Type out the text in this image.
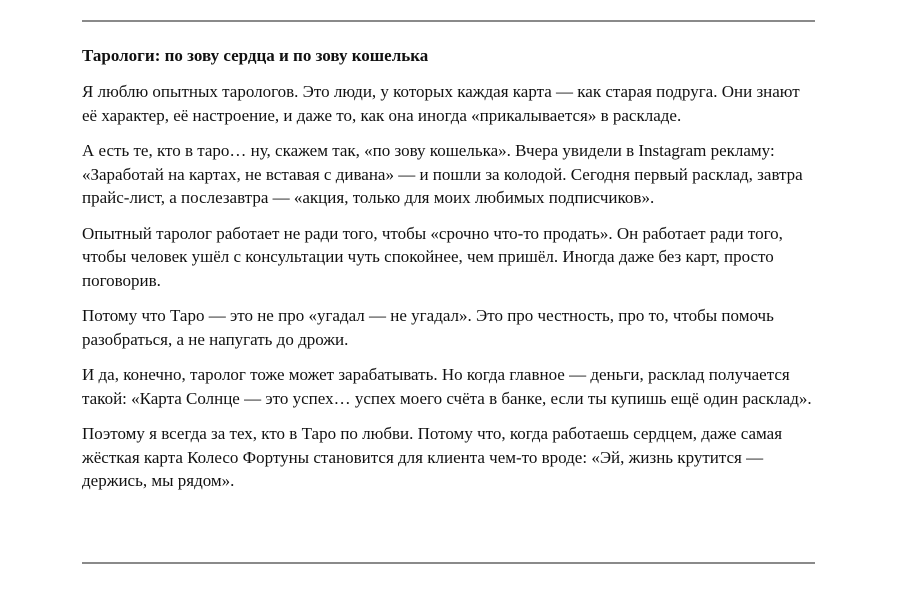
Тарологи: по зову сердца и по зову кошелька

Я люблю опытных тарологов. Это люди, у которых каждая карта — как старая подруга. Они знают её характер, её настроение, и даже то, как она иногда «прикалывается» в раскладе.

А есть те, кто в таро… ну, скажем так, «по зову кошелька». Вчера увидели в Instagram рекламу: «Заработай на картах, не вставая с дивана» — и пошли за колодой. Сегодня первый расклад, завтра прайс-лист, а послезавтра — «акция, только для моих любимых подписчиков».

Опытный таролог работает не ради того, чтобы «срочно что-то продать». Он работает ради того, чтобы человек ушёл с консультации чуть спокойнее, чем пришёл. Иногда даже без карт, просто поговорив.

Потому что Таро — это не про «угадал — не угадал». Это про честность, про то, чтобы помочь разобраться, а не напугать до дрожи.

И да, конечно, таролог тоже может зарабатывать. Но когда главное — деньги, расклад получается такой: «Карта Солнце — это успех… успех моего счёта в банке, если ты купишь ещё один расклад».

Поэтому я всегда за тех, кто в Таро по любви. Потому что, когда работаешь сердцем, даже самая жёсткая карта Колесо Фортуны становится для клиента чем-то вроде: «Эй, жизнь крутится — держись, мы рядом».
